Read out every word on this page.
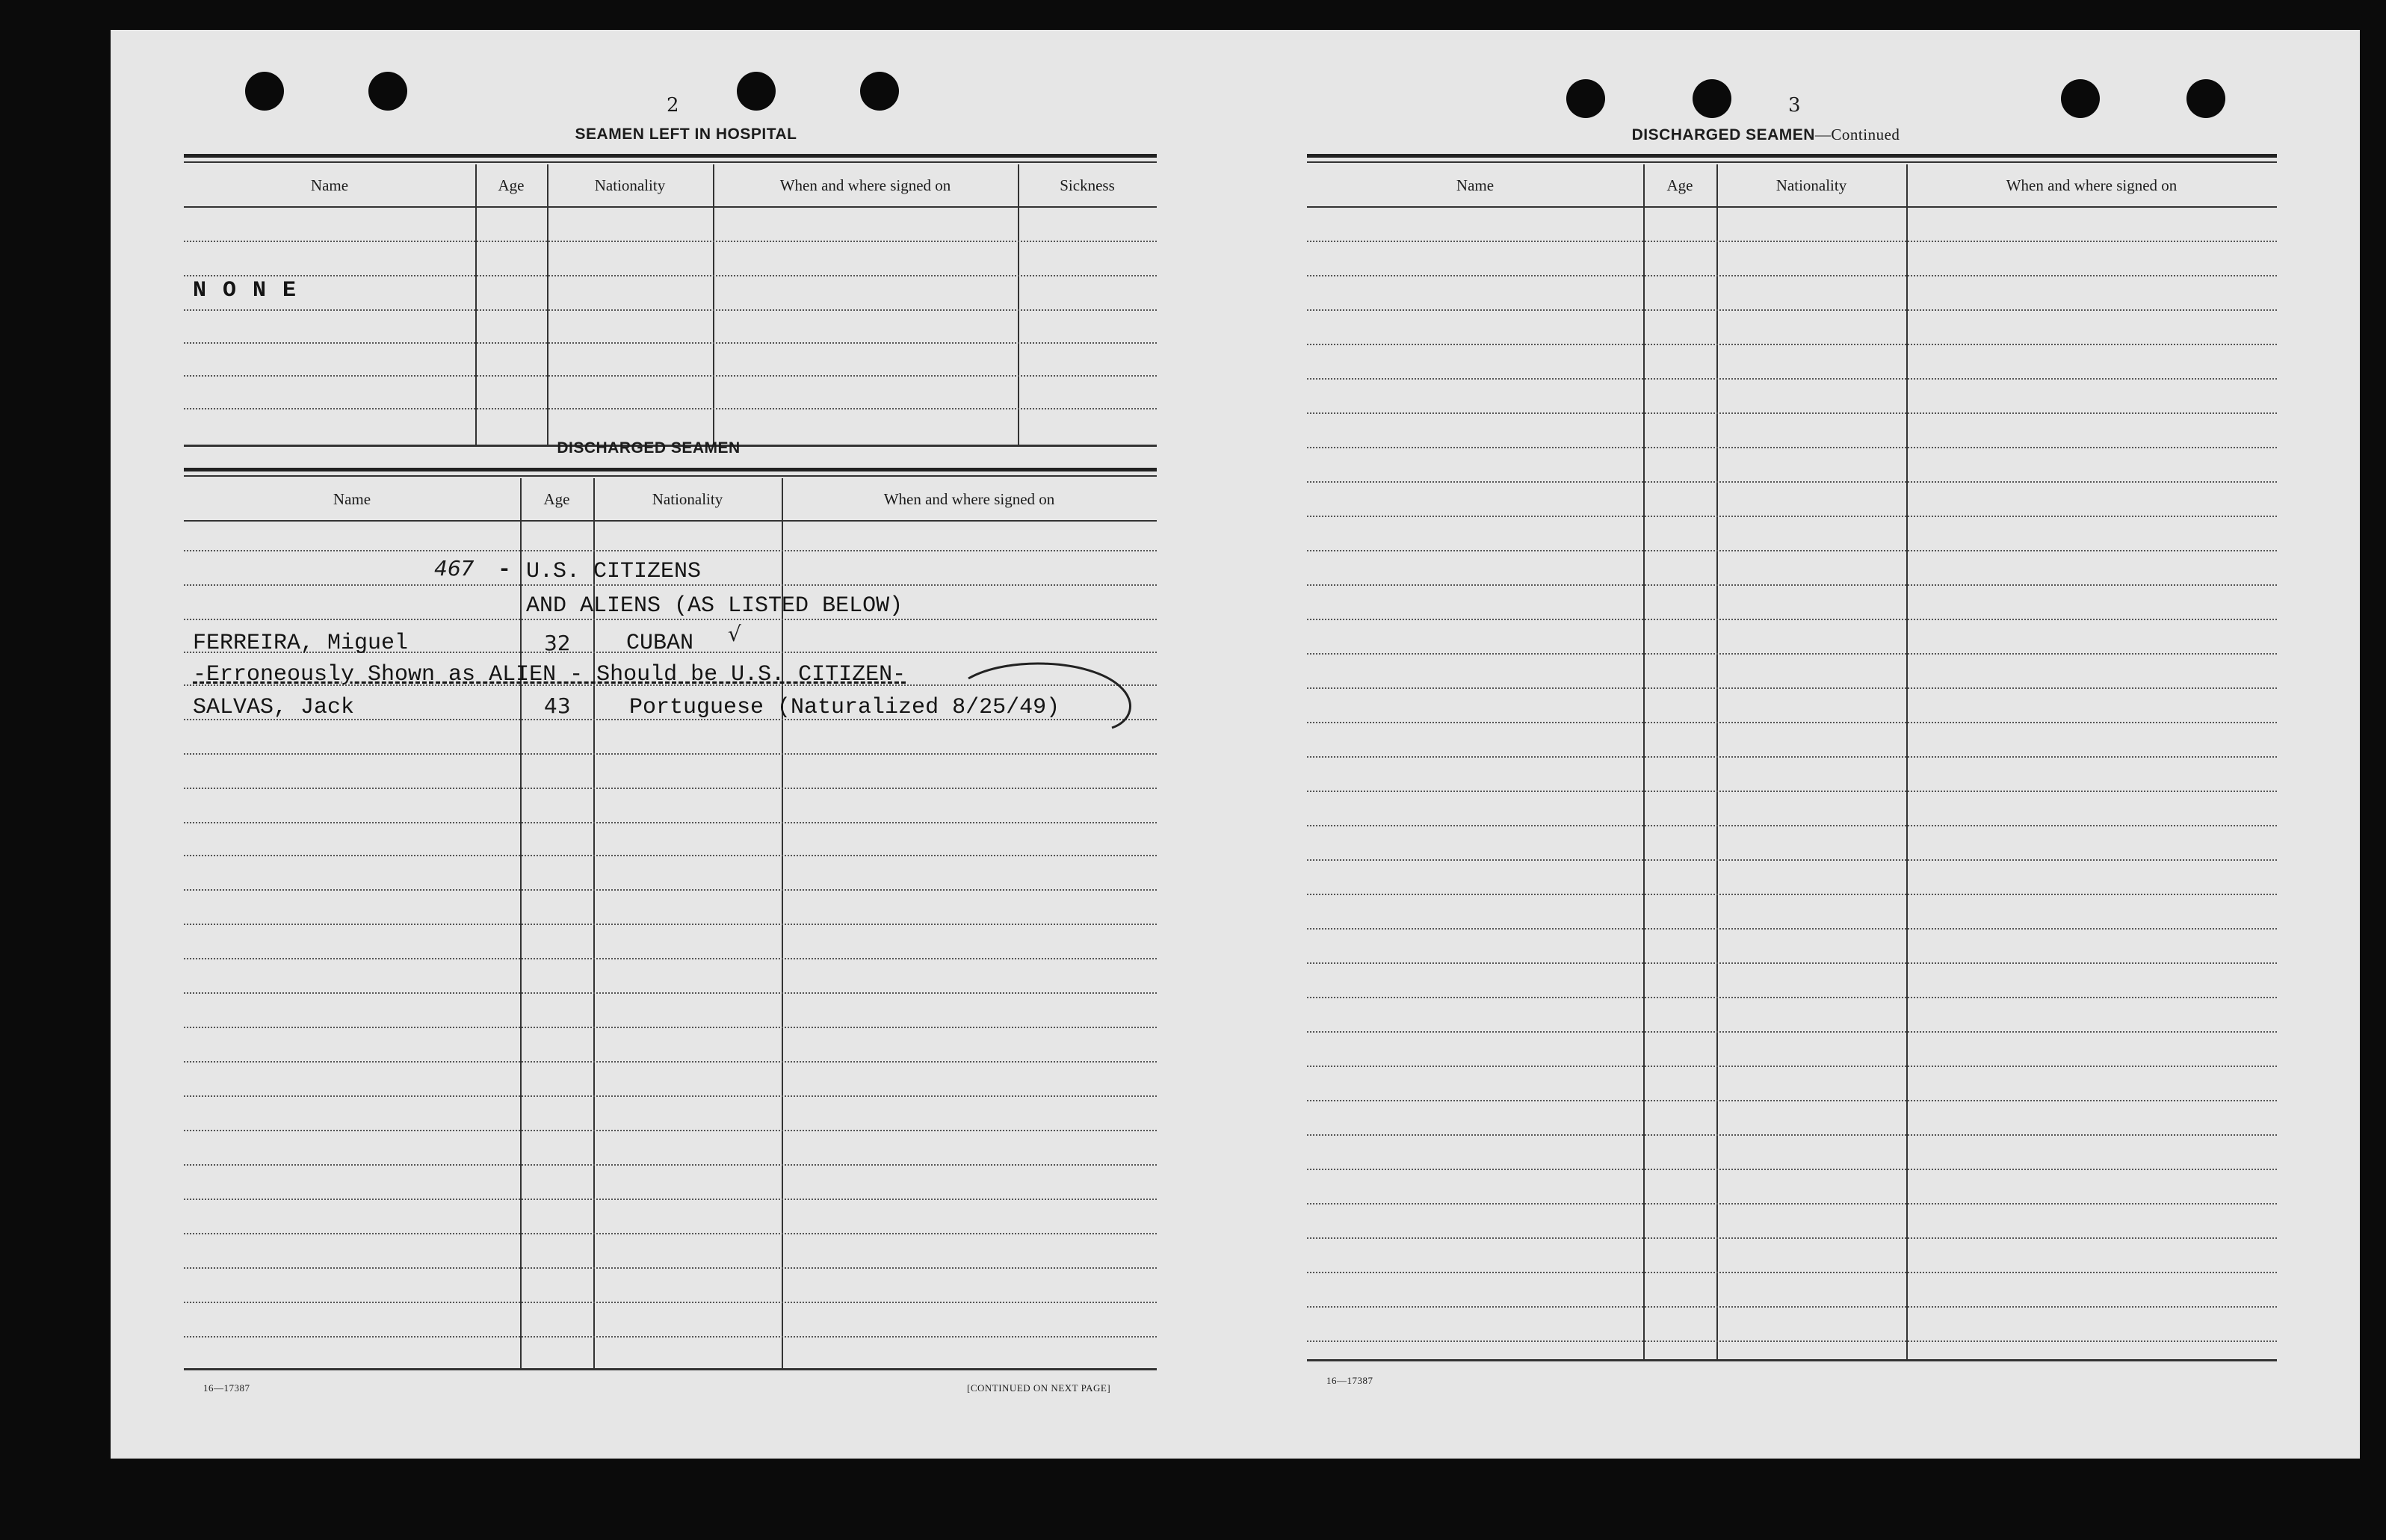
2
SEAMEN LEFT IN HOSPITAL
Name	Age	Nationality	When and where signed on	Sickness
N O N E
DISCHARGED SEAMEN
Name	Age	Nationality	When and where signed on
467 - U.S. CITIZENS
AND ALIENS (AS LISTED BELOW)
FERREIRA, Miguel	32 CUBAN √
-Erroneously Shown as ALIEN - Should be U.S. CITIZEN-
SALVAS, Jack	43	Portuguese (Naturalized 8/25/49)
16—17387	[CONTINUED ON NEXT PAGE]
3
DISCHARGED SEAMEN—Continued
Name	Age	Nationality	When and where signed on
16—17387
